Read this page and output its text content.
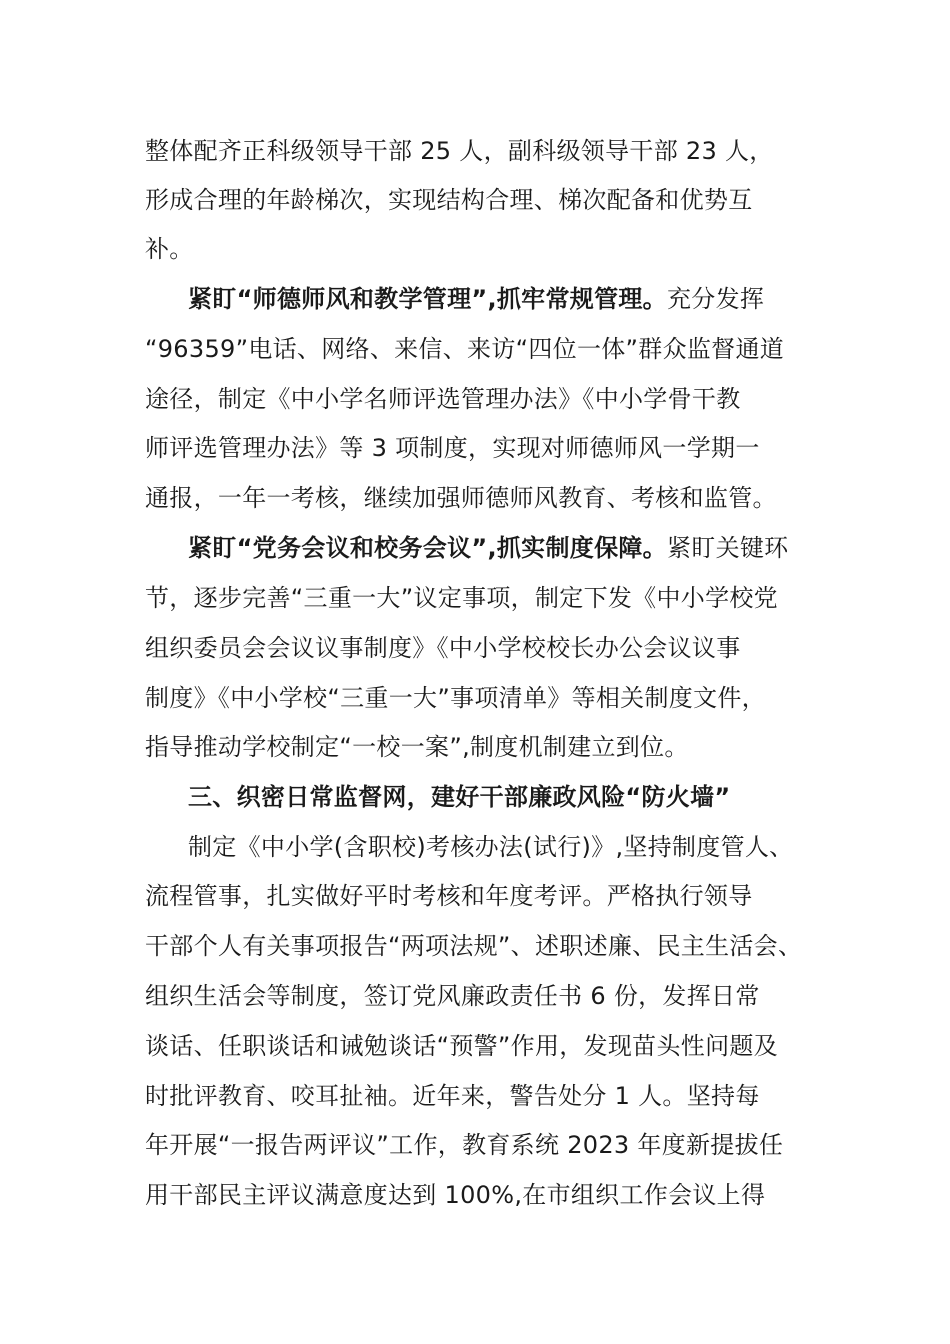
整体配齐正科级领导干部 25 人，副科级领导干部 23 人，
形成合理的年龄梯次，实现结构合理、梯次配备和优势互
补。
紧盯“师德师风和教学管理”,抓牢常规管理。充分发挥
“96359”电话、网络、来信、来访“四位一体”群众监督通道
途径，制定《中小学名师评选管理办法》《中小学骨干教
师评选管理办法》等 3 项制度，实现对师德师风一学期一
通报，一年一考核，继续加强师德师风教育、考核和监管。
紧盯“党务会议和校务会议”,抓实制度保障。紧盯关键环
节，逐步完善“三重一大”议定事项，制定下发《中小学校党
组织委员会会议议事制度》《中小学校校长办公会议议事
制度》《中小学校“三重一大”事项清单》等相关制度文件，
指导推动学校制定“一校一案”,制度机制建立到位。
三、织密日常监督网，建好干部廉政风险“防火墙”
制定《中小学(含职校)考核办法(试行)》,坚持制度管人、
流程管事，扎实做好平时考核和年度考评。严格执行领导
干部个人有关事项报告“两项法规”、述职述廉、民主生活会、
组织生活会等制度，签订党风廉政责任书 6 份，发挥日常
谈话、任职谈话和诫勉谈话“预警”作用，发现苗头性问题及
时批评教育、咬耳扯袖。近年来，警告处分 1 人。坚持每
年开展“一报告两评议”工作，教育系统 2023 年度新提拔任
用干部民主评议满意度达到 100%,在市组织工作会议上得
